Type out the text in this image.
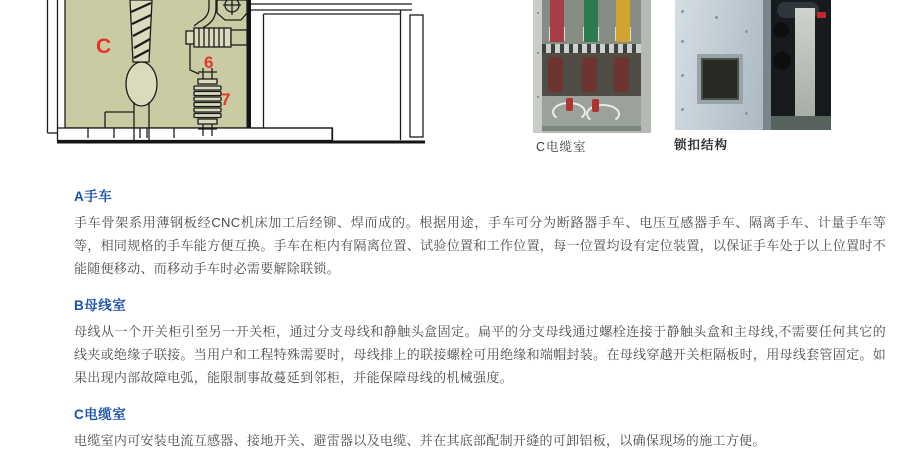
C
6
7
C电缆室	锁扣结构
A手车

手车骨架系用薄钢板经CNC机床加工后经铆、焊而成的。根据用途，手车可分为断路器手车、电压互感器手车、隔离手车、计量手车等等，相同规格的手车能方便互换。手车在柜内有隔离位置、试验位置和工作位置，每一位置均设有定位装置，以保证手车处于以上位置时不能随便移动、而移动手车时必需要解除联锁。

B母线室

母线从一个开关柜引至另一开关柜，通过分支母线和静触头盒固定。扁平的分支母线通过螺栓连接于静触头盒和主母线,不需要任何其它的线夹或绝缘子联接。当用户和工程特殊需要时，母线排上的联接螺栓可用绝缘和端帽封装。在母线穿越开关柜隔板时，用母线套管固定。如果出现内部故障电弧，能限制事故蔓延到邻柜，并能保障母线的机械强度。

C电缆室

电缆室内可安装电流互感器、接地开关、避雷器以及电缆、并在其底部配制开缝的可卸铝板，以确保现场的施工方便。
